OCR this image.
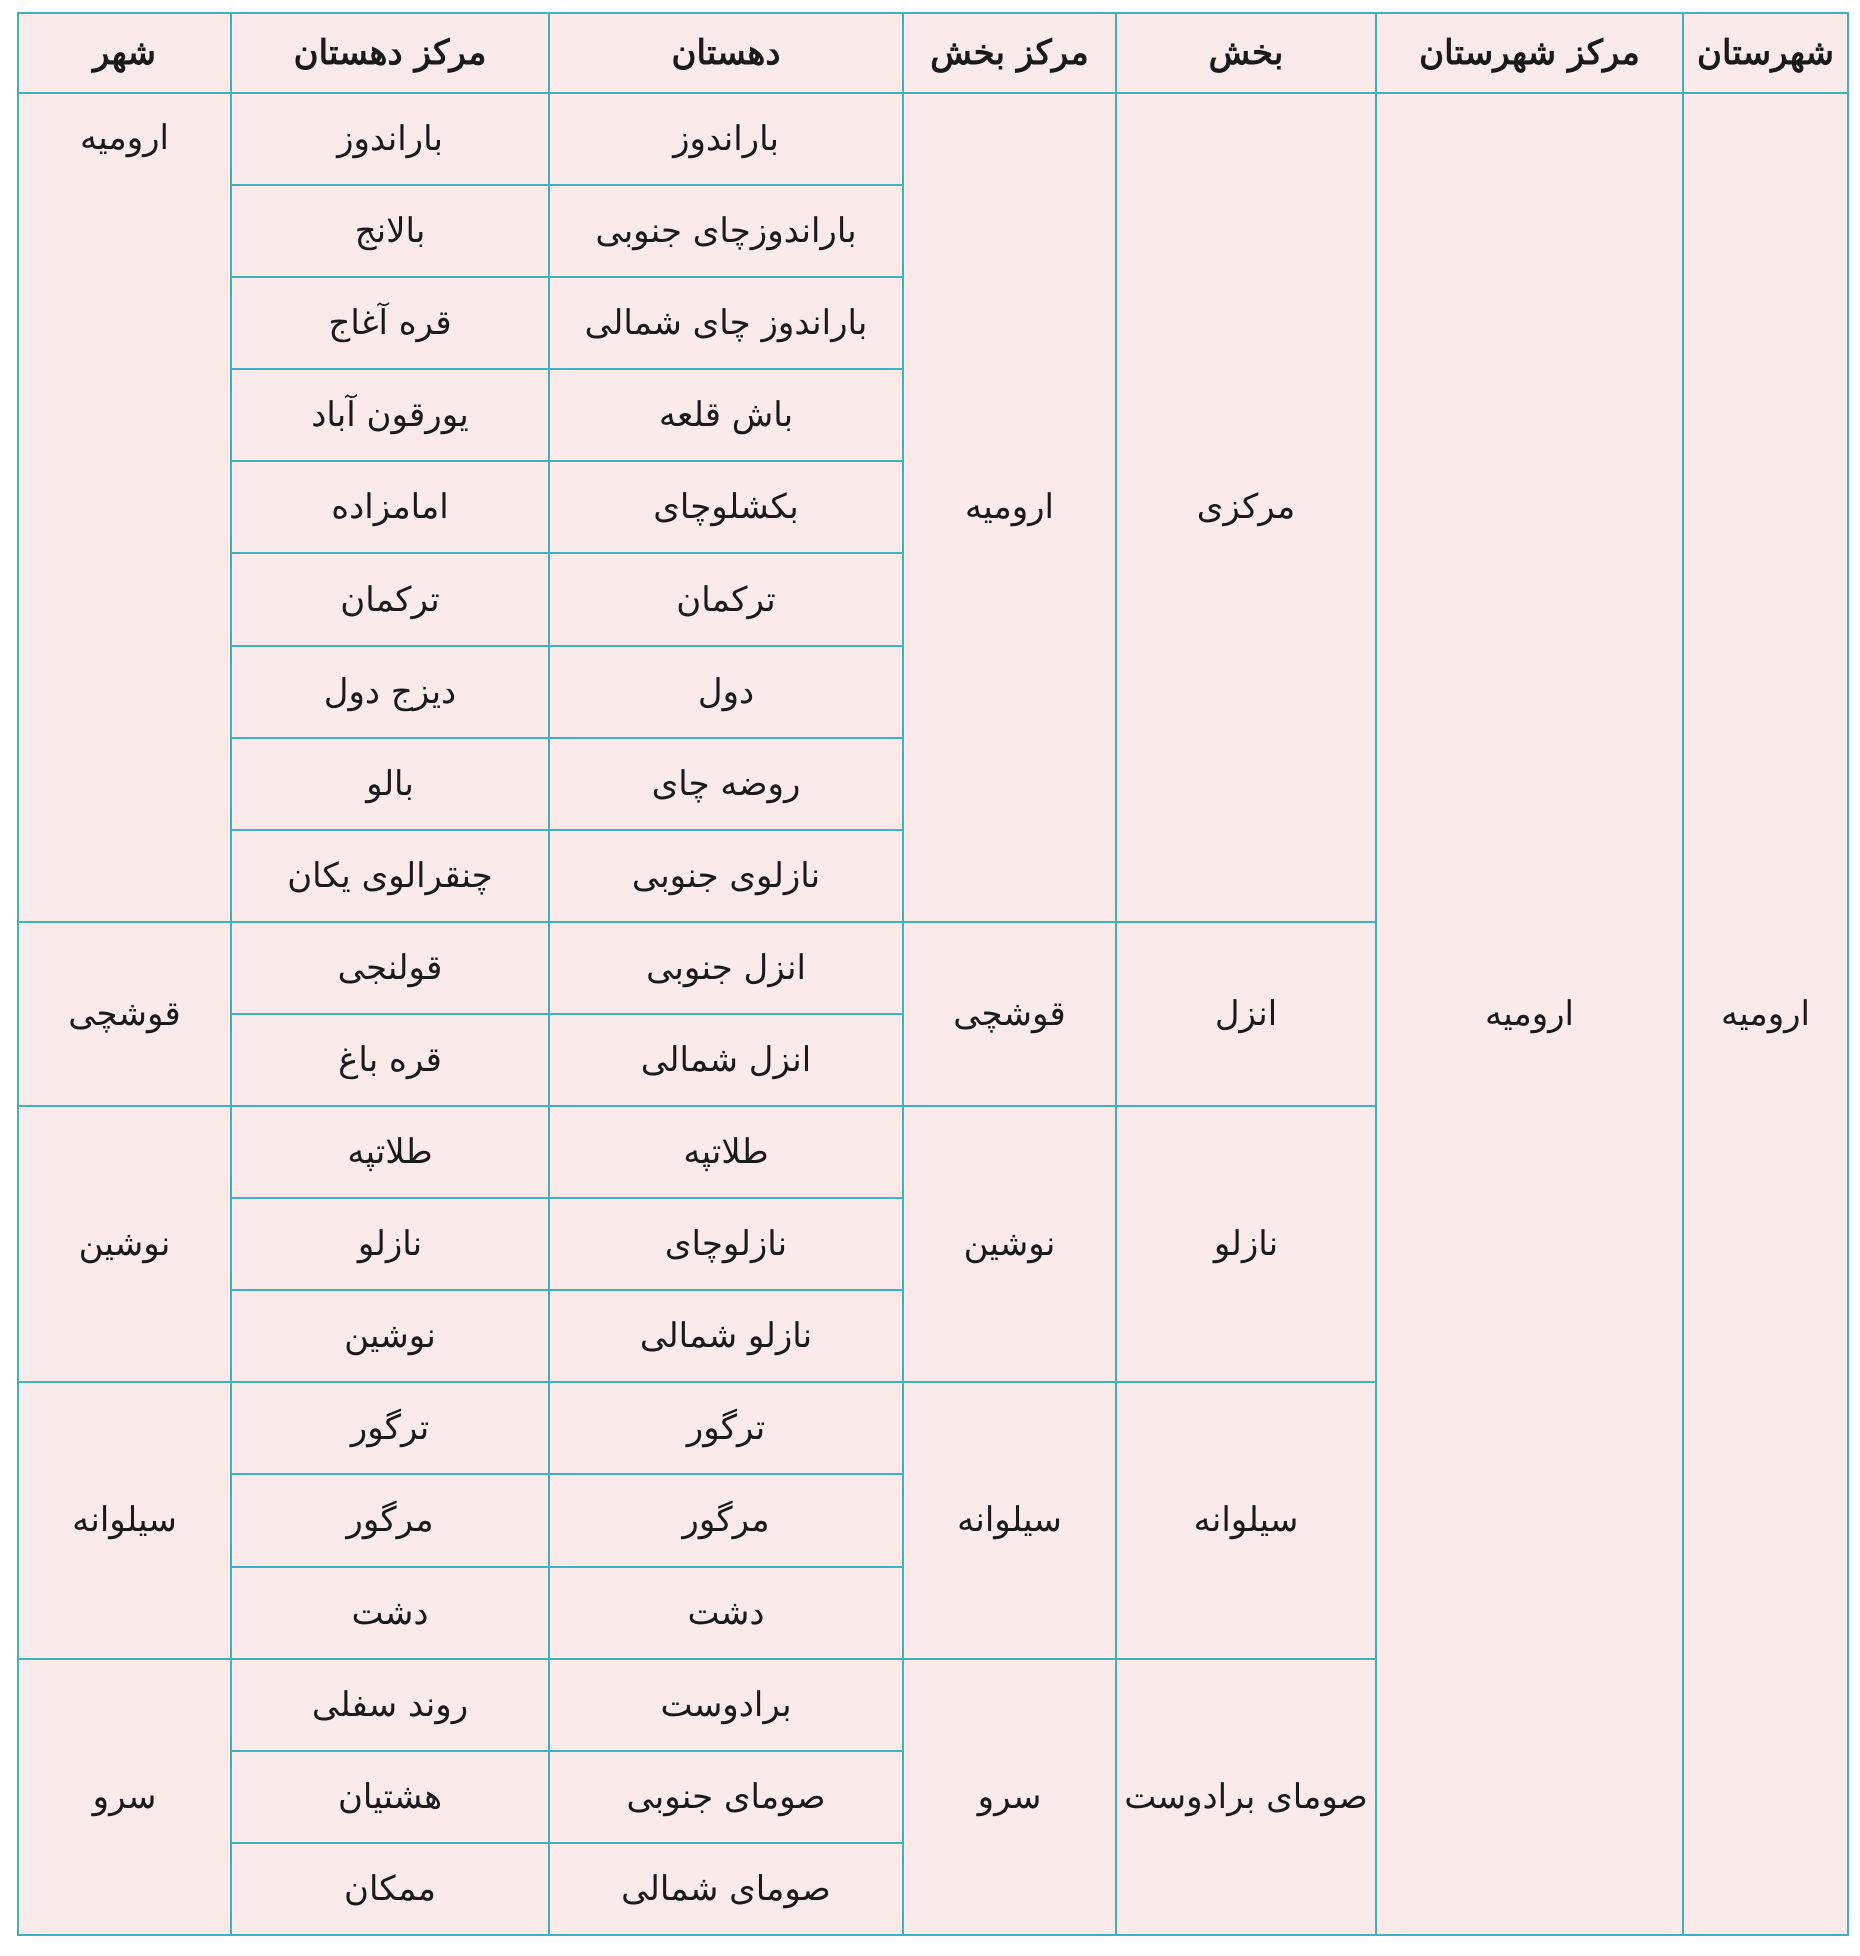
شهرستان	مرکز شهرستان	بخش	مرکز بخش	دهستان	مرکز دهستان	شهر
ارومیه	ارومیه	مرکزی	ارومیه	باراندوز	باراندوز	ارومیه
				باراندوزچای جنوبی	بالانج	
				باراندوز چای شمالی	قره آغاج	
				باش قلعه	یورقون آباد	
				بکشلوچای	امامزاده	
				ترکمان	ترکمان	
				دول	دیزج دول	
				روضه چای	بالو	
				نازلوی جنوبی	چنقرالوی یکان	
		انزل	قوشچی	انزل جنوبی	قولنجی	قوشچی
				انزل شمالی	قره باغ	
		نازلو	نوشین	طلاتپه	طلاتپه	نوشین
				نازلوچای	نازلو	
				نازلو شمالی	نوشین	
		سیلوانه	سیلوانه	ترگور	ترگور	سیلوانه
				مرگور	مرگور	
				دشت	دشت	
		صومای برادوست	سرو	برادوست	روند سفلی	سرو
				صومای جنوبی	هشتیان	
				صومای شمالی	ممکان	
